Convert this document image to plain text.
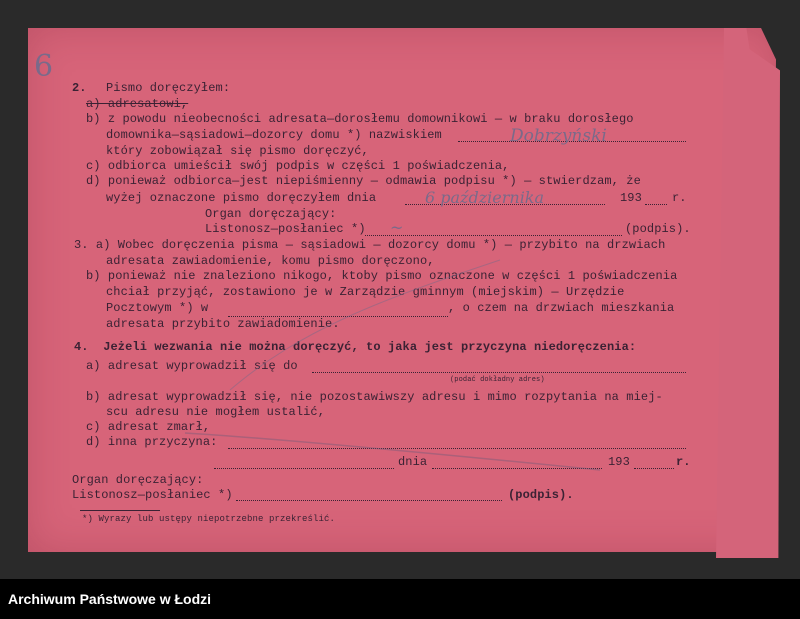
6
2. Pismo doręczyłem:
a) adresatowi,
b) z powodu nieobecności adresata—dorosłemu domownikowi — w braku dorosłego
domownika—sąsiadowi—dozorcy domu *) nazwiskiem	Dobrzyński
który zobowiązał się pismo doręczyć,
c) odbiorca umieścił swój podpis w części 1 poświadczenia,
d) ponieważ odbiorca—jest niepiśmienny — odmawia podpisu *) — stwierdzam, że
wyżej oznaczone pismo doręczyłem dnia	6 października	193	r.
Organ doręczający:
Listonosz—posłaniec *) ~	(podpis).
3. a) Wobec doręczenia pisma — sąsiadowi — dozorcy domu *) — przybito na drzwiach
adresata zawiadomienie, komu pismo doręczono,
b) ponieważ nie znaleziono nikogo, ktoby pismo oznaczone w części 1 poświadczenia
chciał przyjąć, zostawiono je w Zarządzie gminnym (miejskim) — Urzędzie
Pocztowym *) w	, o czem na drzwiach mieszkania
adresata przybito zawiadomienie.
4.  Jeżeli wezwania nie można doręczyć, to jaka jest przyczyna niedoręczenia:
a) adresat wyprowadził się do
(podać dokładny adres)
b) adresat wyprowadził się, nie pozostawiwszy adresu i mimo rozpytania na miej-
scu adresu nie mogłem ustalić,
c) adresat zmarł,
d) inna przyczyna:
dnia	193	r.
Organ doręczający:
Listonosz—posłaniec *)	(podpis).
*) Wyrazy lub ustępy niepotrzebne przekreślić.
Archiwum Państwowe w Łodzi
